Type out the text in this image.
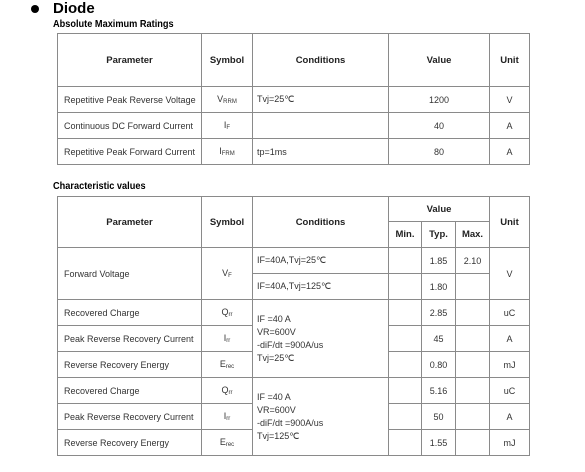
Diode
Absolute Maximum Ratings
Parameter	Symbol	Conditions	Value	Unit
Repetitive Peak Reverse Voltage	$V_{RRM}$	Tvj=25℃	1200	V
Continuous DC Forward Current	$I_F$		40	A
Repetitive Peak Forward Current	$I_{FRM}$	tp=1ms	80	A
Characteristic values
Parameter	Symbol	Conditions	Value			Unit
			Min.	Typ.	Max.	
Forward Voltage	$V_F$	IF=40A,Tvj=25℃		1.85	2.10	V
		IF=40A,Tvj=125℃		1.80		
Recovered Charge	$Q_{rr}$	IF =40 A
VR=600V
-diF/dt =900A/us
Tvj=25℃		2.85		uC
Peak Reverse Recovery Current	$I_{rr}$			45		A
Reverse Recovery Energy	$E_{rec}$			0.80		mJ
Recovered Charge	$Q_{rr}$	IF =40 A
VR=600V
-diF/dt =900A/us
Tvj=125℃		5.16		uC
Peak Reverse Recovery Current	$I_{rr}$			50		A
Reverse Recovery Energy	$E_{rec}$			1.55		mJ
